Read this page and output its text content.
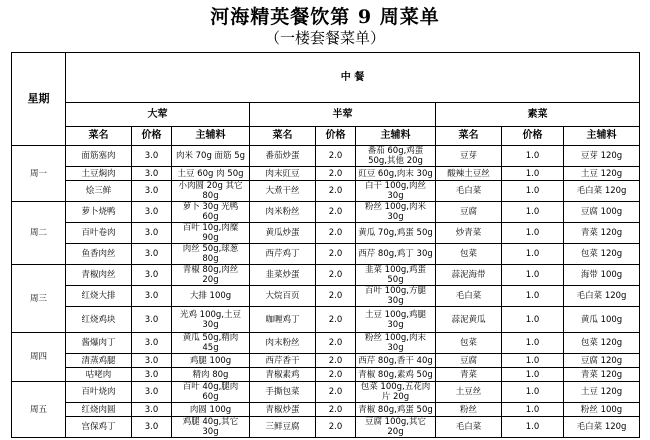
河海精英餐饮第 9 周菜单
（一楼套餐菜单）
星期	中 餐								
	大荤			半荤			素菜		
	菜名	价格	主辅料	菜名	价格	主辅料	菜名	价格	主辅料
周一	面筋塞肉	3.0	肉米 70g 面筋 5g	番茄炒蛋	2.0	番茄 60g,鸡蛋 50g,其他 20g	豆芽	1.0	豆芽 120g
	土豆焖肉	3.0	土豆 60g 肉 50g	肉末豇豆	2.0	豇豆 60g,肉末 30g	酸辣土豆丝	1.0	土豆 120g
	烩三鲜	3.0	小肉圆 20g 其它 80g	大煮干丝	2.0	白干 100g,肉丝 30g	毛白菜	1.0	毛白菜 120g
周二	萝卜烧鸭	3.0	萝卜 30g 光鸭 60g	肉米粉丝	2.0	粉丝 100g,肉米 30g	豆腐	1.0	豆腐 100g
	百叶卷肉	3.0	百叶 10g,肉糜 90g	黄瓜炒蛋	2.0	黄瓜 70g,鸡蛋 50g	炒青菜	1.0	青菜 120g
	鱼香肉丝	3.0	肉丝 50g,球葱 80g	西芹鸡丁	2.0	西芹 80g,鸡丁 30g	包菜	1.0	包菜 120g
周三	青椒肉丝	3.0	青椒 80g,肉丝 20g	韭菜炒蛋	2.0	韭菜 100g,鸡蛋 50g	蒜泥海带	1.0	海带 100g
	红烧大排	3.0	大排 100g	大烷百页	2.0	百叶 100g,方腿 30g	毛白菜	1.0	毛白菜 120g
	红烧鸡块	3.0	光鸡 100g,土豆 30g	咖喱鸡丁	2.0	土豆 100g,鸡腿 30g	蒜泥黄瓜	1.0	黄瓜 100g
周四	酱爆肉丁	3.0	黄瓜 50g,精肉 45g	肉末粉丝	2.0	粉丝 100g,肉末 30g	包菜	1.0	包菜 120g
	清蒸鸡腿	3.0	鸡腿 100g	西芹香干	2.0	西芹 80g,香干 40g	豆腐	1.0	豆腐 120g
	咕咾肉	3.0	精肉 80g	青椒素鸡	2.0	青椒 80g,素鸡 50g	青菜	1.0	青菜 120g
周五	百叶烧肉	3.0	百叶 40g,腿肉 60g	手撕包菜	2.0	包菜 100g,五花肉片 20g	土豆丝	1.0	土豆 120g
	红烧肉圆	3.0	肉圆 100g	青椒炒蛋	2.0	青椒 80g,鸡蛋 50g	粉丝	1.0	粉丝 100g
	宫保鸡丁	3.0	鸡腿 40g,其它 30g	三鲜豆腐	2.0	豆腐 100g,其它 20g	毛白菜	1.0	毛白菜 120g
